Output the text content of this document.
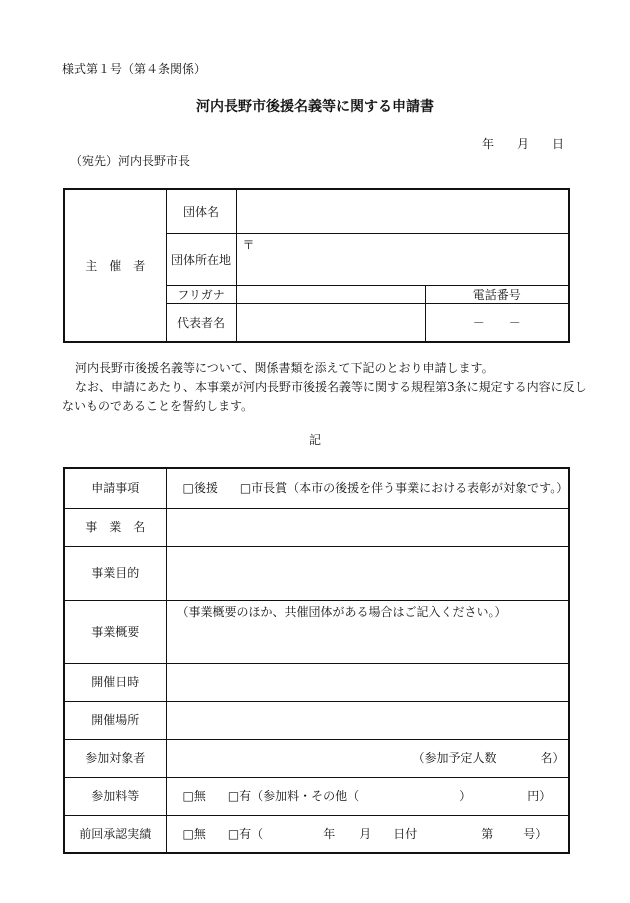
様式第１号（第４条関係）
河内長野市後援名義等に関する申請書
年 月 日
（宛先）河内長野市長
主　催　者	団体名		
	団体所在地	〒	
	フリガナ		電話番号
	代表者名		－ －
河内長野市後援名義等について、関係書類を添えて下記のとおり申請します。
なお、申請にあたり、本事業が河内長野市後援名義等に関する規程第3条に規定する内容に反し
ないものであることを誓約します。
記
申請事項	□後援 □市長賞（本市の後援を伴う事業における表彰が対象です。）
事　業　名	
事業目的	
事業概要	（事業概要のほか、共催団体がある場合はご記入ください。）
開催日時	
開催場所	
参加対象者	（参加予定人数 名）
参加料等	□無 □有（参加料・その他（ ） 円）
前回承認実績	□無 □有（ 年 月 日付 第 号）
